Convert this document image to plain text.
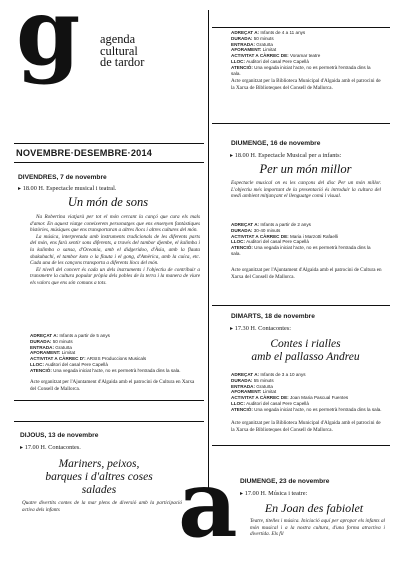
g agenda
cultural
de tardor
NOVEMBRE·DESEMBRE·2014
ADREÇAT A: Infants de 4 a 11 anys
DURADA: 50 minuts
ENTRADA: Gratuïta
AFORAMENT: Limitat
ACTIVITAT A CÀRREC DE: Voramar teatre
LLOC: Auditori del casal Pere Capellà
ATENCIÓ: Una vegada iniciat l'acte, no es permetrà l'entrada dins la sala.
Acte organitzat per la Biblioteca Municipal d'Algaida amb el patrocini de la Xarxa de Biblioteques del Consell de Mallorca.
DIUMENGE, 16 de novembre
▸ 18.00 H. Espectacle Musical per a infants:
Per un món millor
Espectacle musical on es les cançons del disc Per un món millor. L'objectiu més important de la presentació és introduir la cultura del medi ambient mitjançant el llenguatge comú i visual.
ADREÇAT A: Infants a partir de 2 anys
DURADA: 30-40 minuts
ACTIVITAT A CÀRREC DE: Maria i Marzotti Rafaelli
LLOC: Auditori del casal Pere Capellà
ATENCIÓ: Una vegada iniciat l'acte, no es permetrà l'entrada dins la sala.
Acte organitzat per l'Ajuntament d'Algaida amb el patrocini de Cultura en Xarxa del Consell de Mallorca.
DIVENDRES, 7 de novembre
▸ 18.00 H. Espectacle musical i teatral.
Un món de sons
Na Robertina viatjarà per tot el món cercant la cançó que cura els mals d'amor. En aquest viatge coneixerem personatges que ens ensenyen fantàstiques històries, músiques que ens transportaran a altres llocs i altres cultures del món.
La música, interpretada amb instruments tradicionals de les diferents parts del món, ens farà sentir sons diferents, a través del tambor djembe, el kalimba i la kalimba o sansa, d'Oceania, amb el didgeridoo, d'Àsia, amb la flauta shakuhachi, el tambor koto o la flauta i el gong, d'Amèrica, amb la cuíca, etc. Cada una de les cançons transporta a diferents llocs del món.
El nivell del concert és cada un dels instruments i l'objectiu de contribuir a transmetre la cultura popular pròpia dels pobles de la terra i la manera de viure els valors que ens són comuns a tots.
ADREÇAT A: Infants a partir de 5 anys
DURADA: 50 minuts
ENTRADA: Gratuïta
AFORAMENT: Limitat
ACTIVITAT A CÀRREC D': ARSIS Produccions Musicals
LLOC: Auditori del casal Pere Capellà
ATENCIÓ: Una vegada iniciat l'acte, no es permetrà l'entrada dins la sala.
Acte organitzat per l'Ajuntament d'Algaida amb el patrocini de Cultura en Xarxa del Consell de Mallorca.
DIMARTS, 18 de novembre
▸ 17.30 H. Contacontes:
Contes i rialles
amb el pallasso Andreu
ADREÇAT A: Infants de 3 a 10 anys
DURADA: 55 minuts
ENTRADA: Gratuïta
AFORAMENT: Limitat
ACTIVITAT A CÀRREC DE: Joan Maria Pascual Fuentes
LLOC: Auditori del casal Pere Capellà
ATENCIÓ: Una vegada iniciat l'acte, no es permetrà l'entrada dins la sala.
Acte organitzat per la Biblioteca Municipal d'Algaida amb el patrocini de la Xarxa de Biblioteques del Consell de Mallorca.
DIJOUS, 13 de novembre
▸ 17.00 H. Contacontes.
Mariners, peixos,
barques i d'altres coses
salades
Quatre divertits contes de la mar plens de diversió amb la participació activa dels infants	a DIUMENGE, 23 de novembre
▸ 17.00 H. Música i teatre:
En Joan des fabiolet
Teatre, titelles i música. Iniciació aquí per apropar els infants al món musical i a la nostra cultura, d'una forma atractiva i divertida. Els fil
